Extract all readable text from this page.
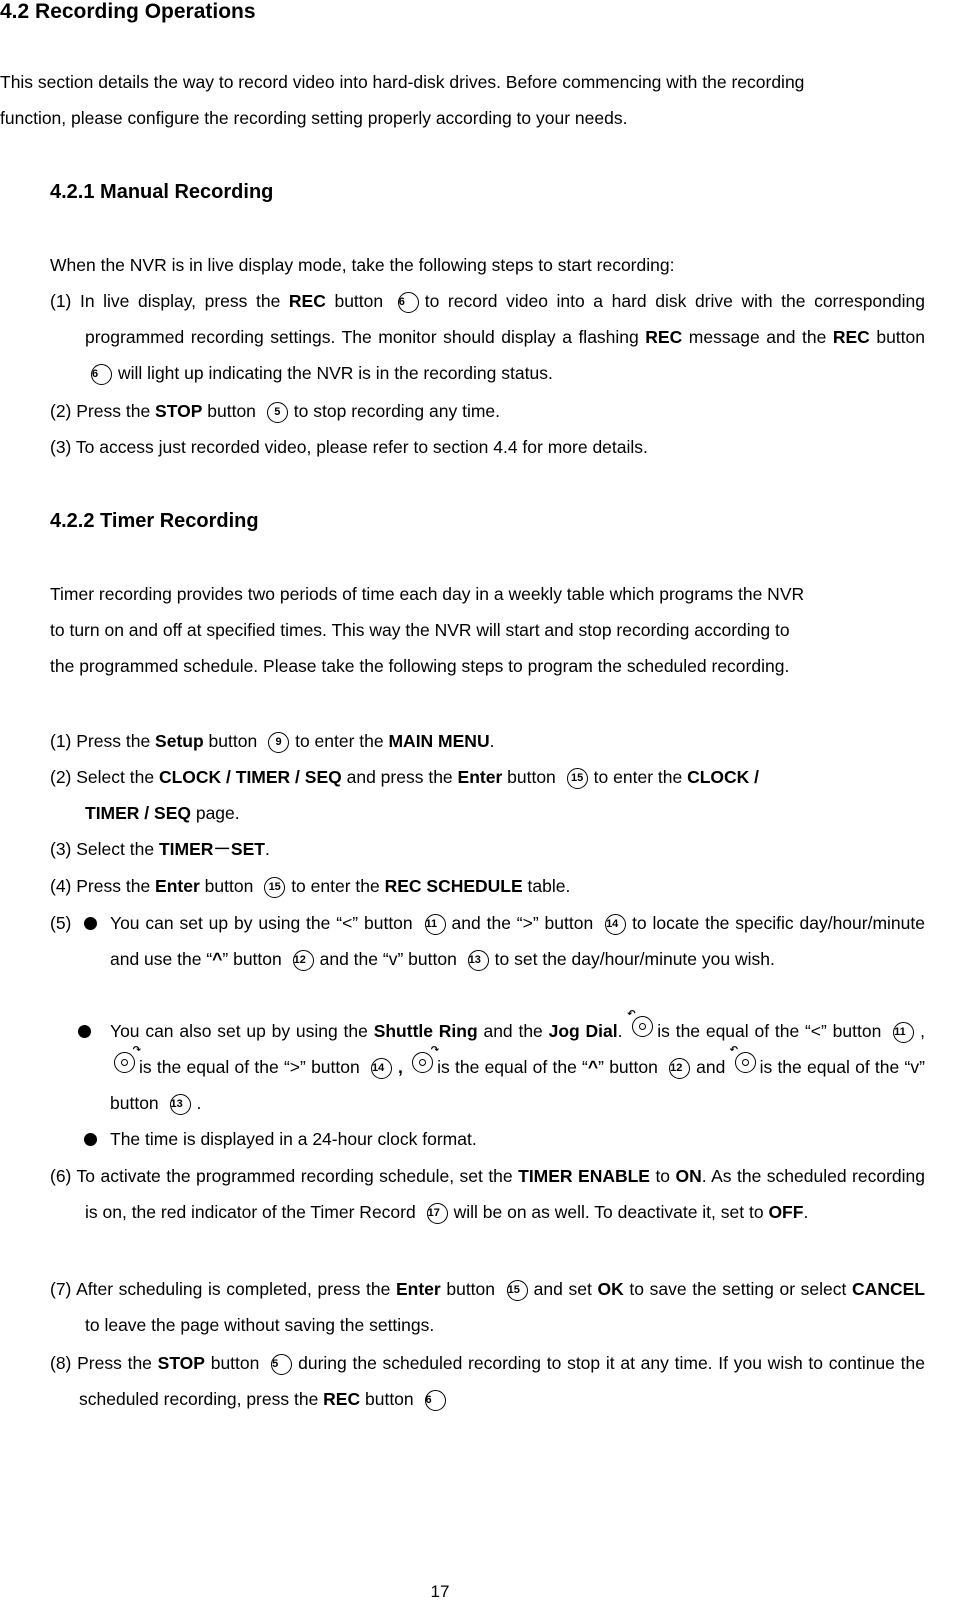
4.2 Recording Operations
This section details the way to record video into hard-disk drives. Before commencing with the recording
function, please configure the recording setting properly according to your needs.
4.2.1 Manual Recording
When the NVR is in live display mode, take the following steps to start recording:
(1) In live display, press the REC button 6 to record video into a hard disk drive with the corresponding programmed recording settings. The monitor should display a flashing REC message and the REC button 6 will light up indicating the NVR is in the recording status.
(2) Press the STOP button 5 to stop recording any time.
(3) To access just recorded video, please refer to section 4.4 for more details.
4.2.2 Timer Recording
Timer recording provides two periods of time each day in a weekly table which programs the NVR
to turn on and off at specified times. This way the NVR will start and stop recording according to
the programmed schedule. Please take the following steps to program the scheduled recording.
(1) Press the Setup button 9 to enter the MAIN MENU.
(2) Select the CLOCK / TIMER / SEQ and press the Enter button 15 to enter the CLOCK /
TIMER / SEQ page.
(3) Select the TIMER－SET.
(4) Press the Enter button 15 to enter the REC SCHEDULE table.
(5)	You can set up by using the “<” button 11 and the “>” button 14 to locate the specific day/hour/minute and use the “^” button 12 and the “v” button 13 to set the day/hour/minute you wish.
You can also set up by using the Shuttle Ring and the Jog Dial.
↶
is the equal of the “<” button 11 ,
↷
is the equal of the “>” button 14 ,
↷
is the equal of the “^” button 12 and
↶
is the equal of the “v” button 13 .
The time is displayed in a 24-hour clock format.
(6) To activate the programmed recording schedule, set the TIMER ENABLE to ON. As the scheduled recording is on, the red indicator of the Timer Record 17 will be on as well. To deactivate it, set to OFF.
(7) After scheduling is completed, press the Enter button 15 and set OK to save the setting or select CANCEL to leave the page without saving the settings.
(8) Press the STOP button 5 during the scheduled recording to stop it at any time. If you wish to continue the scheduled recording, press the REC button 6
17
